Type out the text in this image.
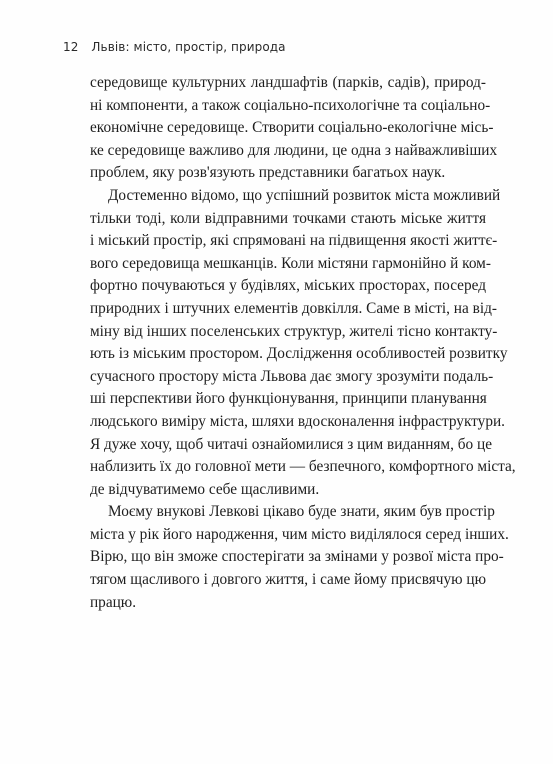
12 Львів: місто, простір, природа
середовище культурних ландшафтів (парків, садів), природ-
ні компоненти, а також соціально-психологічне та соціально-
економічне середовище. Створити соціально-екологічне місь-
ке середовище важливо для людини, це одна з найважливіших
проблем, яку розв'язують представники багатьох наук.
Достеменно відомо, що успішний розвиток міста можливий
тільки тоді, коли відправними точками стають міське життя
і міський простір, які спрямовані на підвищення якості життє-
вого середовища мешканців. Коли містяни гармонійно й ком-
фортно почуваються у будівлях, міських просторах, посеред
природних і штучних елементів довкілля. Саме в місті, на від-
міну від інших поселенських структур, жителі тісно контакту-
ють із міським простором. Дослідження особливостей розвитку
сучасного простору міста Львова дає змогу зрозуміти подаль-
ші перспективи його функціонування, принципи планування
людського виміру міста, шляхи вдосконалення інфраструктури.
Я дуже хочу, щоб читачі ознайомилися з цим виданням, бо це
наблизить їх до головної мети — безпечного, комфортного міста,
де відчуватимемо себе щасливими.
Моєму внукові Левкові цікаво буде знати, яким був простір
міста у рік його народження, чим місто виділялося серед інших.
Вірю, що він зможе спостерігати за змінами у розвої міста про-
тягом щасливого і довгого життя, і саме йому присвячую цю
працю.
